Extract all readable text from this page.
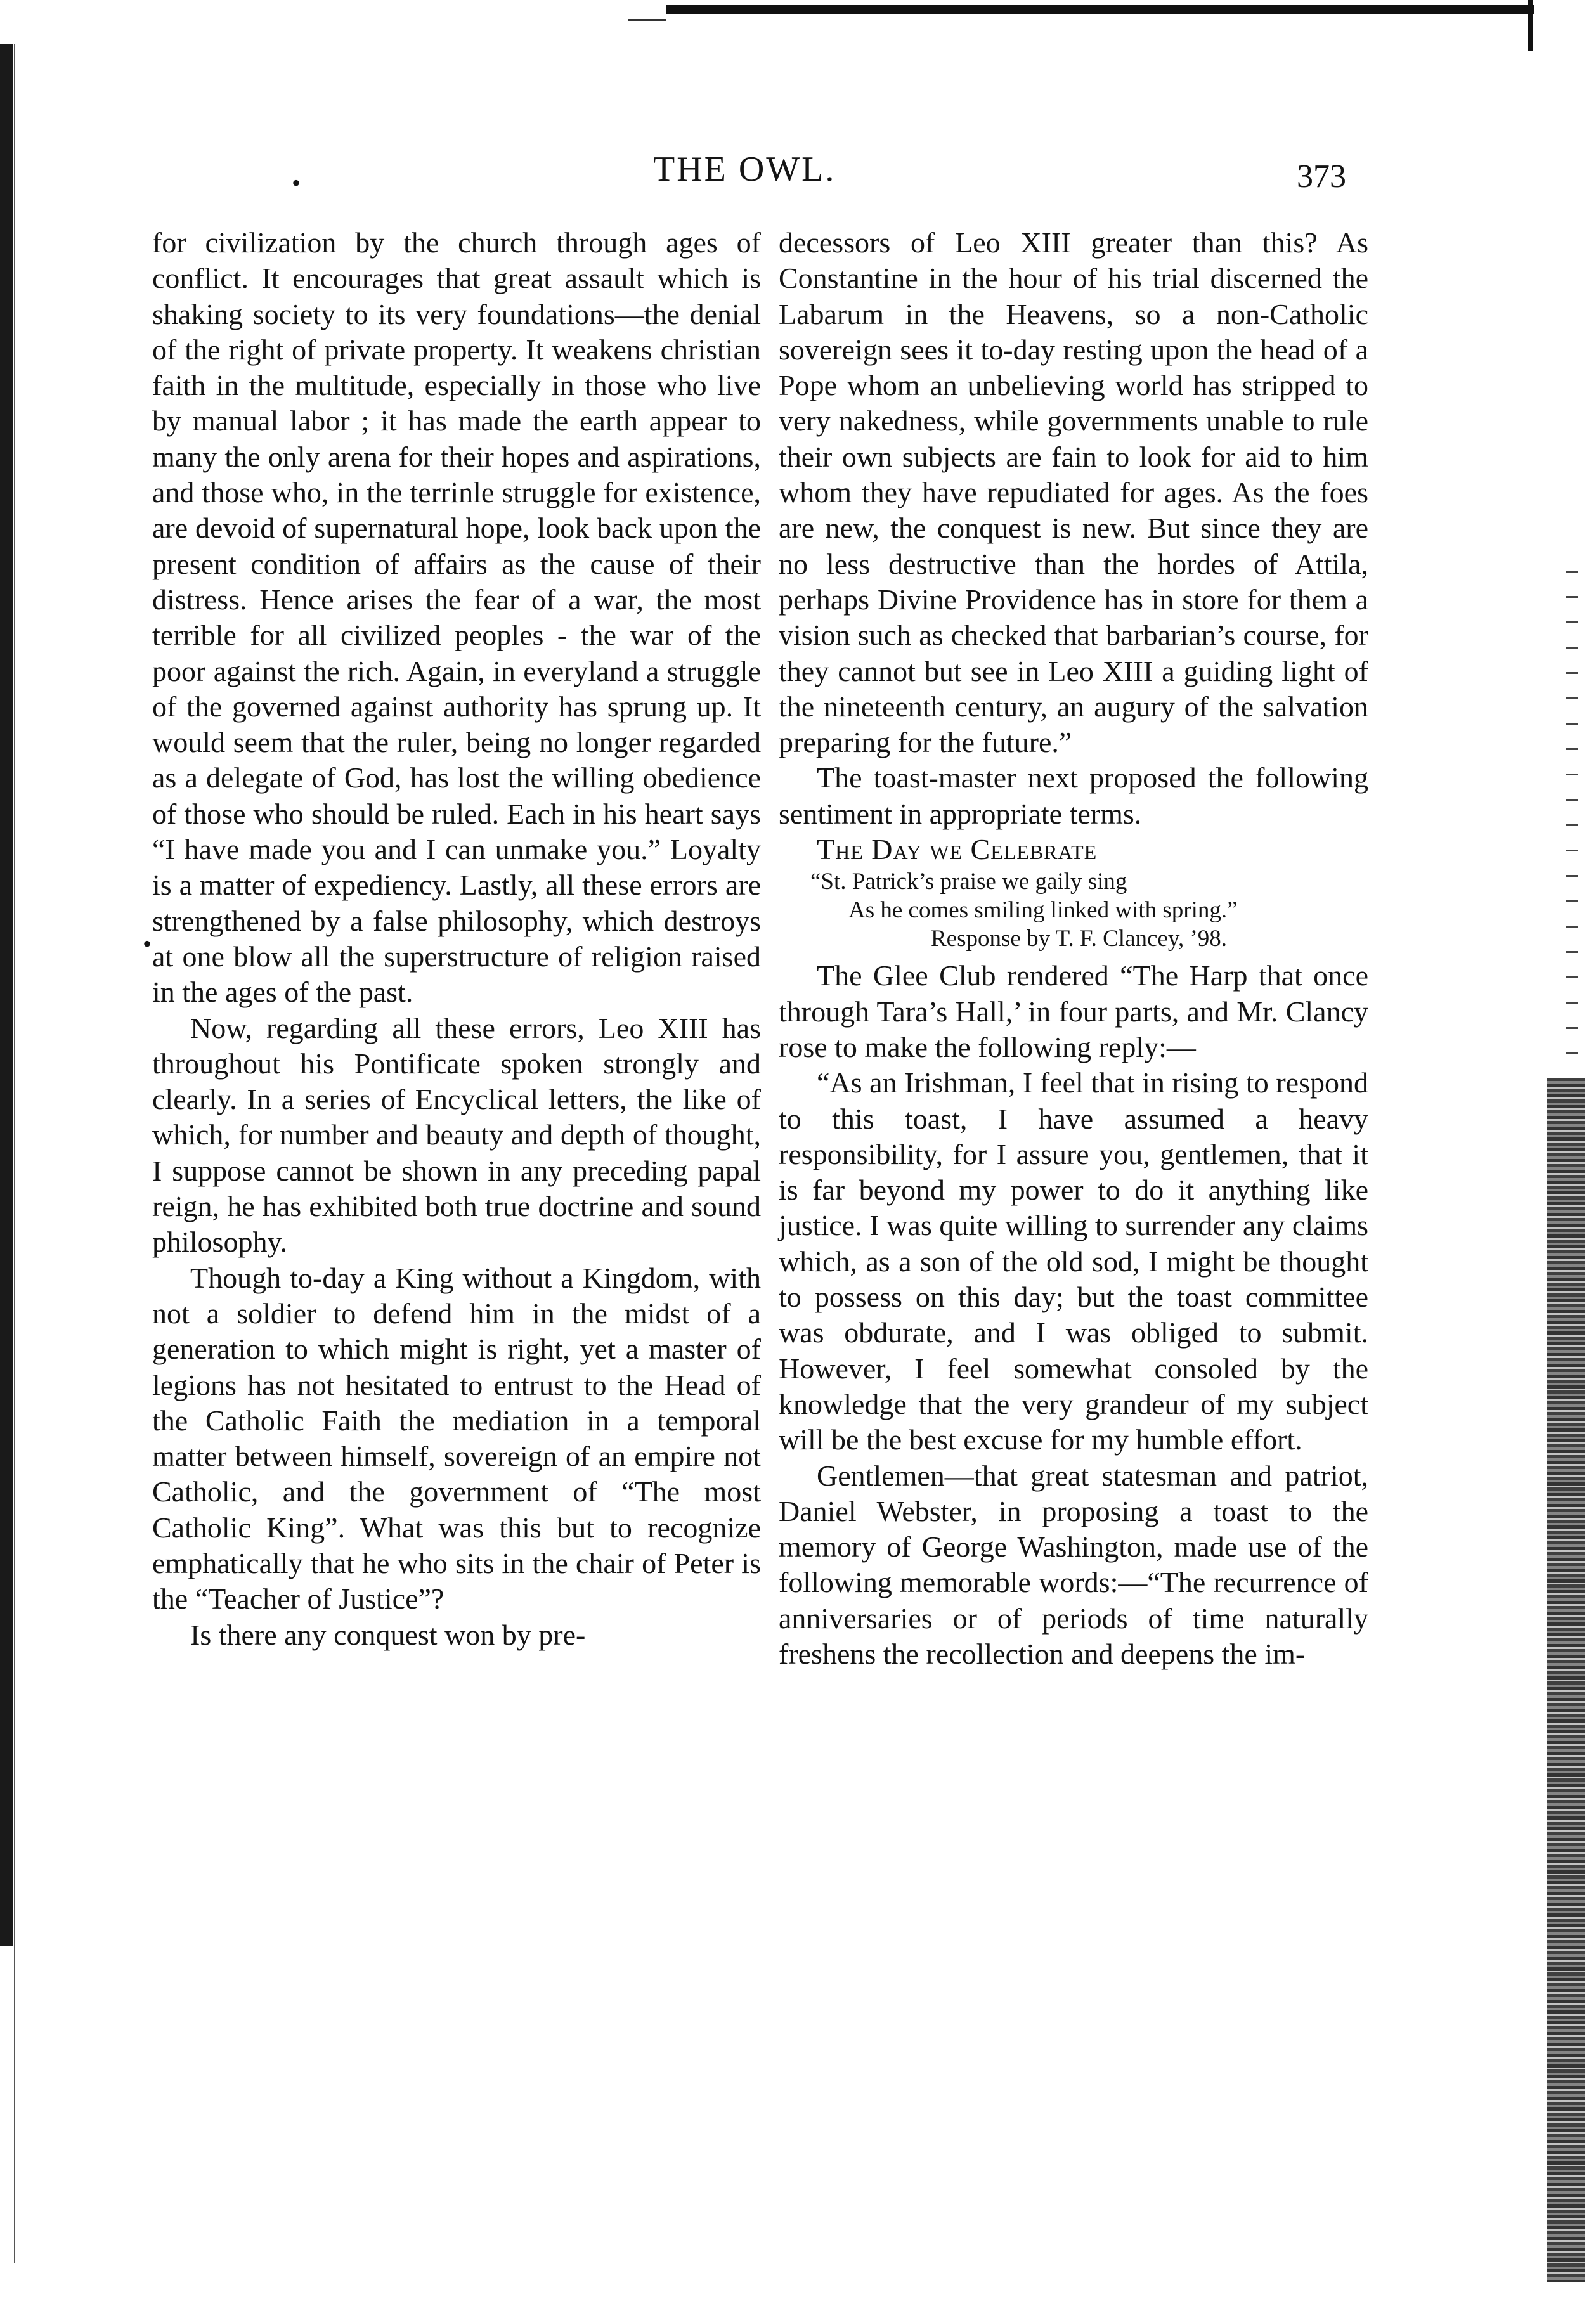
•	THE OWL.	373

for civilization by the church through ages of conflict. It encourages that great assault which is shaking society to its very foundations—the denial of the right of private property. It weakens christian faith in the multitude, especially in those who live by manual labor ; it has made the earth appear to many the only arena for their hopes and aspirations, and those who, in the terrinle struggle for existence, are devoid of supernatural hope, look back upon the present condition of affairs as the cause of their distress. Hence arises the fear of a war, the most terrible for all civilized peoples - the war of the poor against the rich. Again, in everyland a struggle of the governed against authority has sprung up. It would seem that the ruler, being no longer regarded as a delegate of God, has lost the willing obedience of those who should be ruled. Each in his heart says “I have made you and I can unmake you.” Loyalty is a matter of expediency. Lastly, all these errors are strengthened by a false philosophy, which destroys at one blow all the superstructure of religion raised in the ages of the past.

Now, regarding all these errors, Leo XIII has throughout his Pontificate spoken strongly and clearly. In a series of Encyclical letters, the like of which, for number and beauty and depth of thought, I suppose cannot be shown in any preceding papal reign, he has exhibited both true doctrine and sound philosophy.

Though to-day a King without a Kingdom, with not a soldier to defend him in the midst of a generation to which might is right, yet a master of legions has not hesitated to entrust to the Head of the Catholic Faith the mediation in a temporal matter between himself, sovereign of an empire not Catholic, and the government of “The most Catholic King”. What was this but to recognize emphatically that he who sits in the chair of Peter is the “Teacher of Justice”?

Is there any conquest won by pre-

•

decessors of Leo XIII greater than this? As Constantine in the hour of his trial discerned the Labarum in the Heavens, so a non-Catholic sovereign sees it to-day resting upon the head of a Pope whom an unbelieving world has stripped to very nakedness, while governments unable to rule their own subjects are fain to look for aid to him whom they have repudiated for ages. As the foes are new, the conquest is new. But since they are no less destructive than the hordes of Attila, perhaps Divine Providence has in store for them a vision such as checked that barbarian’s course, for they cannot but see in Leo XIII a guiding light of the nineteenth century, an augury of the salvation preparing for the future.”

The toast-master next proposed the following sentiment in appropriate terms.

The Day we Celebrate

“St. Patrick’s praise we gaily sing

As he comes smiling linked with spring.”

Response by T. F. Clancey, ’98.

The Glee Club rendered “The Harp that once through Tara’s Hall,’ in four parts, and Mr. Clancy rose to make the following reply:—

“As an Irishman, I feel that in rising to respond to this toast, I have assumed a heavy responsibility, for I assure you, gentlemen, that it is far beyond my power to do it anything like justice. I was quite willing to surrender any claims which, as a son of the old sod, I might be thought to possess on this day; but the toast committee was obdurate, and I was obliged to submit. However, I feel somewhat consoled by the knowledge that the very grandeur of my subject will be the best excuse for my humble effort.

Gentlemen—that great statesman and patriot, Daniel Webster, in proposing a toast to the memory of George Washington, made use of the following memorable words:—“The recurrence of anniversaries or of periods of time naturally freshens the recollection and deepens the im-
